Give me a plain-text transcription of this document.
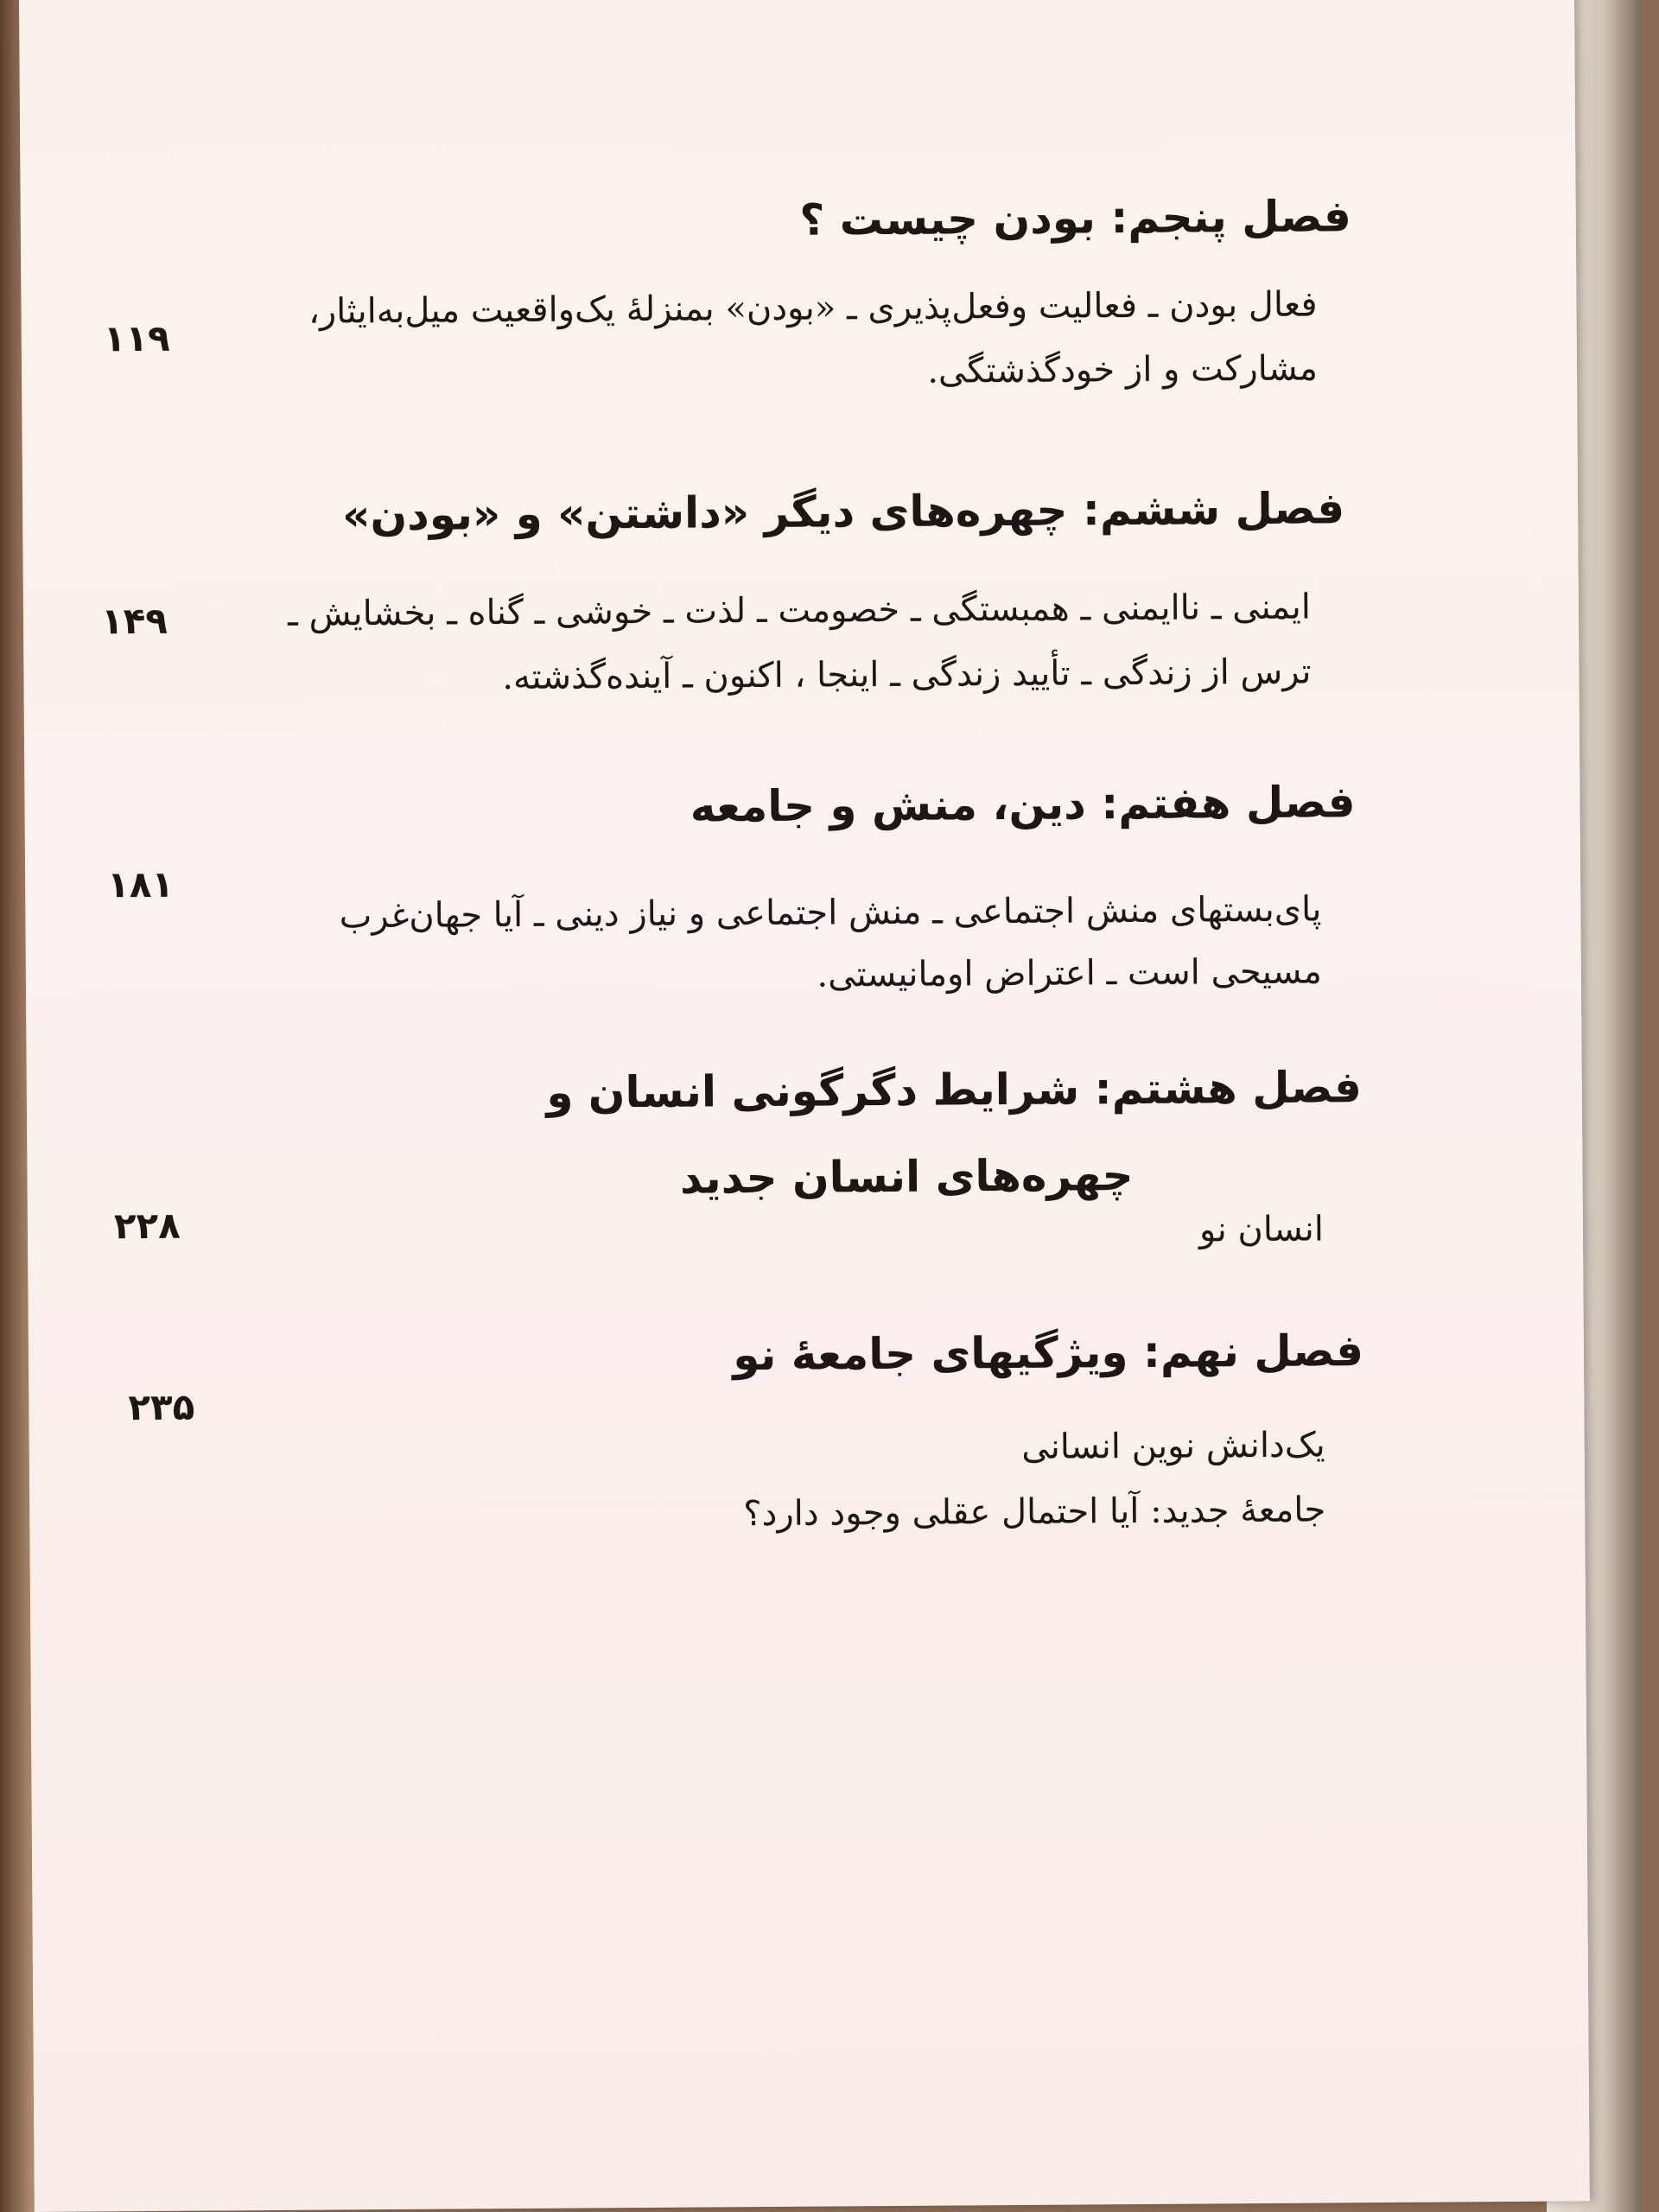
فصل پنجم: بودن چیست ؟
۱۱۹
فعال بودن ـ فعالیت وفعل‌پذیری ـ «بودن» بمنزلهٔ یک‌واقعیت میل‌به‌ایثار،
مشارکت و از خودگذشتگی.
فصل ششم: چهره‌های دیگر «داشتن» و «بودن»
۱۴۹	ایمنی ـ ناایمنی ـ همبستگی ـ خصومت ـ لذت ـ خوشی ـ گناه ـ بخشایش ـ
ترس از زندگی ـ تأیید زندگی ـ اینجا ، اکنون ـ آینده‌گذشته.
فصل هفتم: دین، منش و جامعه
۱۸۱
پای‌بستهای منش اجتماعی ـ منش اجتماعی و نیاز دینی ـ آیا جهان‌غرب
مسیحی است ـ اعتراض اومانیستی.
فصل هشتم: شرایط دگرگونی انسان و
چهره‌های انسان جدید
۲۲۸	انسان نو
فصل نهم: ویژگیهای جامعهٔ نو
۲۳۵
یک‌دانش نوین انسانی
جامعهٔ جدید: آیا احتمال عقلی وجود دارد؟
